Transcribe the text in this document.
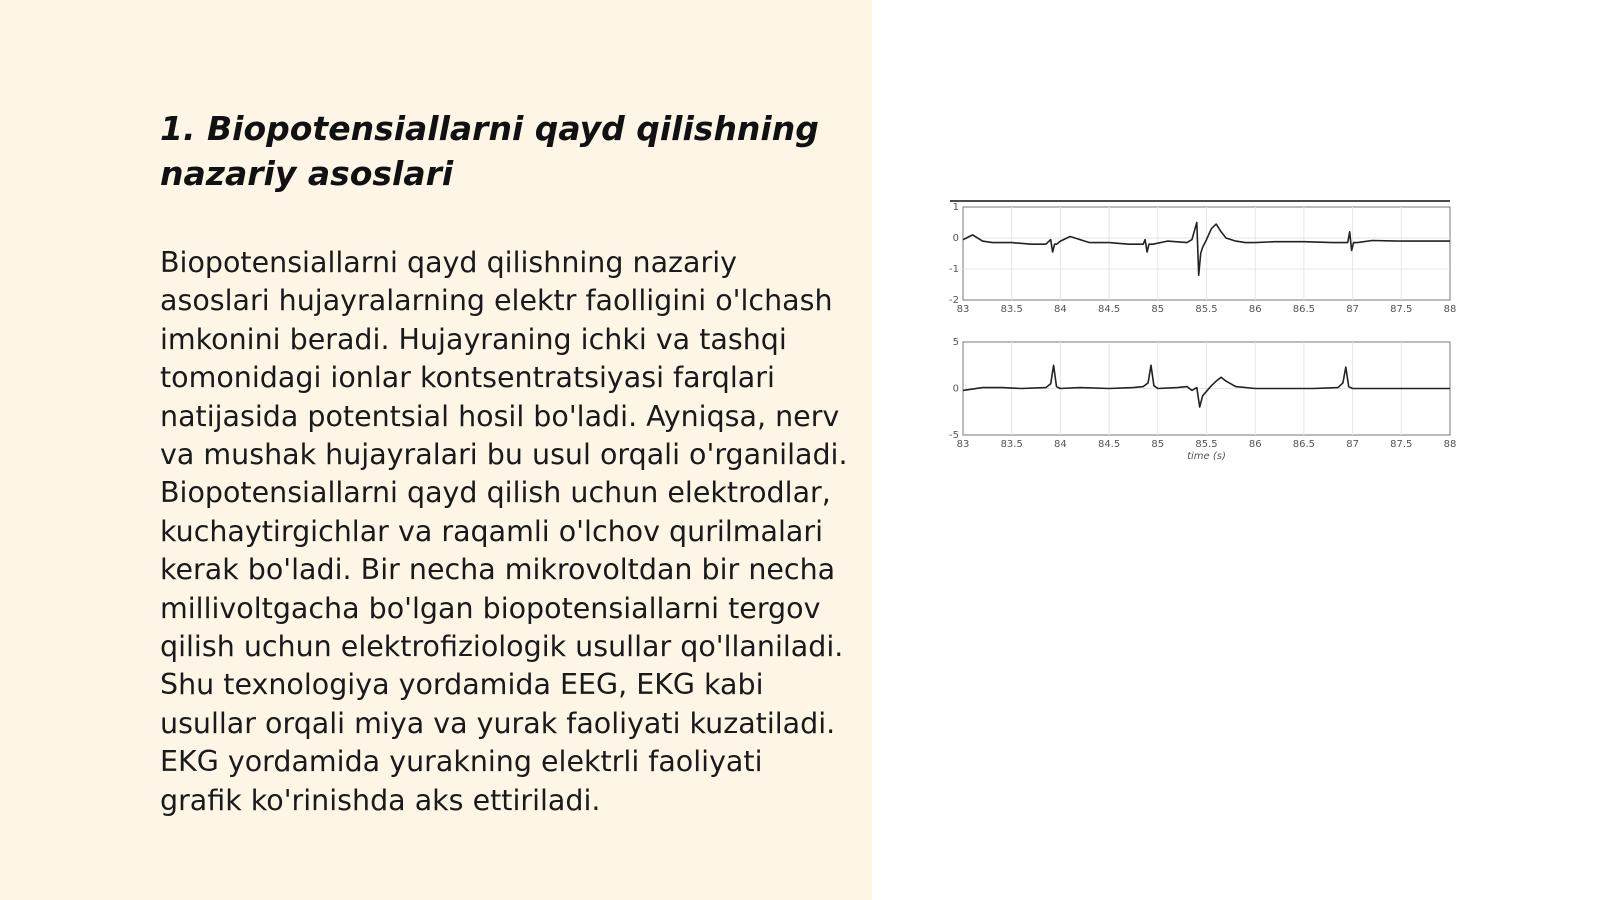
1. Biopotensiallarni qayd qilishning nazariy asoslari

Biopotensiallarni qayd qilishning nazariy asoslari hujayralarning elektr faolligini o'lchash imkonini beradi. Hujayraning ichki va tashqi tomonidagi ionlar kontsentratsiyasi farqlari natijasida potentsial hosil bo'ladi. Ayniqsa, nerv va mushak hujayralari bu usul orqali o'rganiladi. Biopotensiallarni qayd qilish uchun elektrodlar, kuchaytirgichlar va raqamli o'lchov qurilmalari kerak bo'ladi. Bir necha mikrovoltdan bir necha millivoltgacha bo'lgan biopotensiallarni tergov qilish uchun elektrofiziologik usullar qo'llaniladi. Shu texnologiya yordamida EEG, EKG kabi usullar orqali miya va yurak faoliyati kuzatiladi. EKG yordamida yurakning elektrli faoliyati grafik ko'rinishda aks ettiriladi.

83	83.5	84	84.5	85	85.5	86	86.5	87	87.5	88
1
0
-1
-2
83	83.5	84	84.5	85	85.5	86	86.5	87	87.5	88
5
0
-5
time (s)
